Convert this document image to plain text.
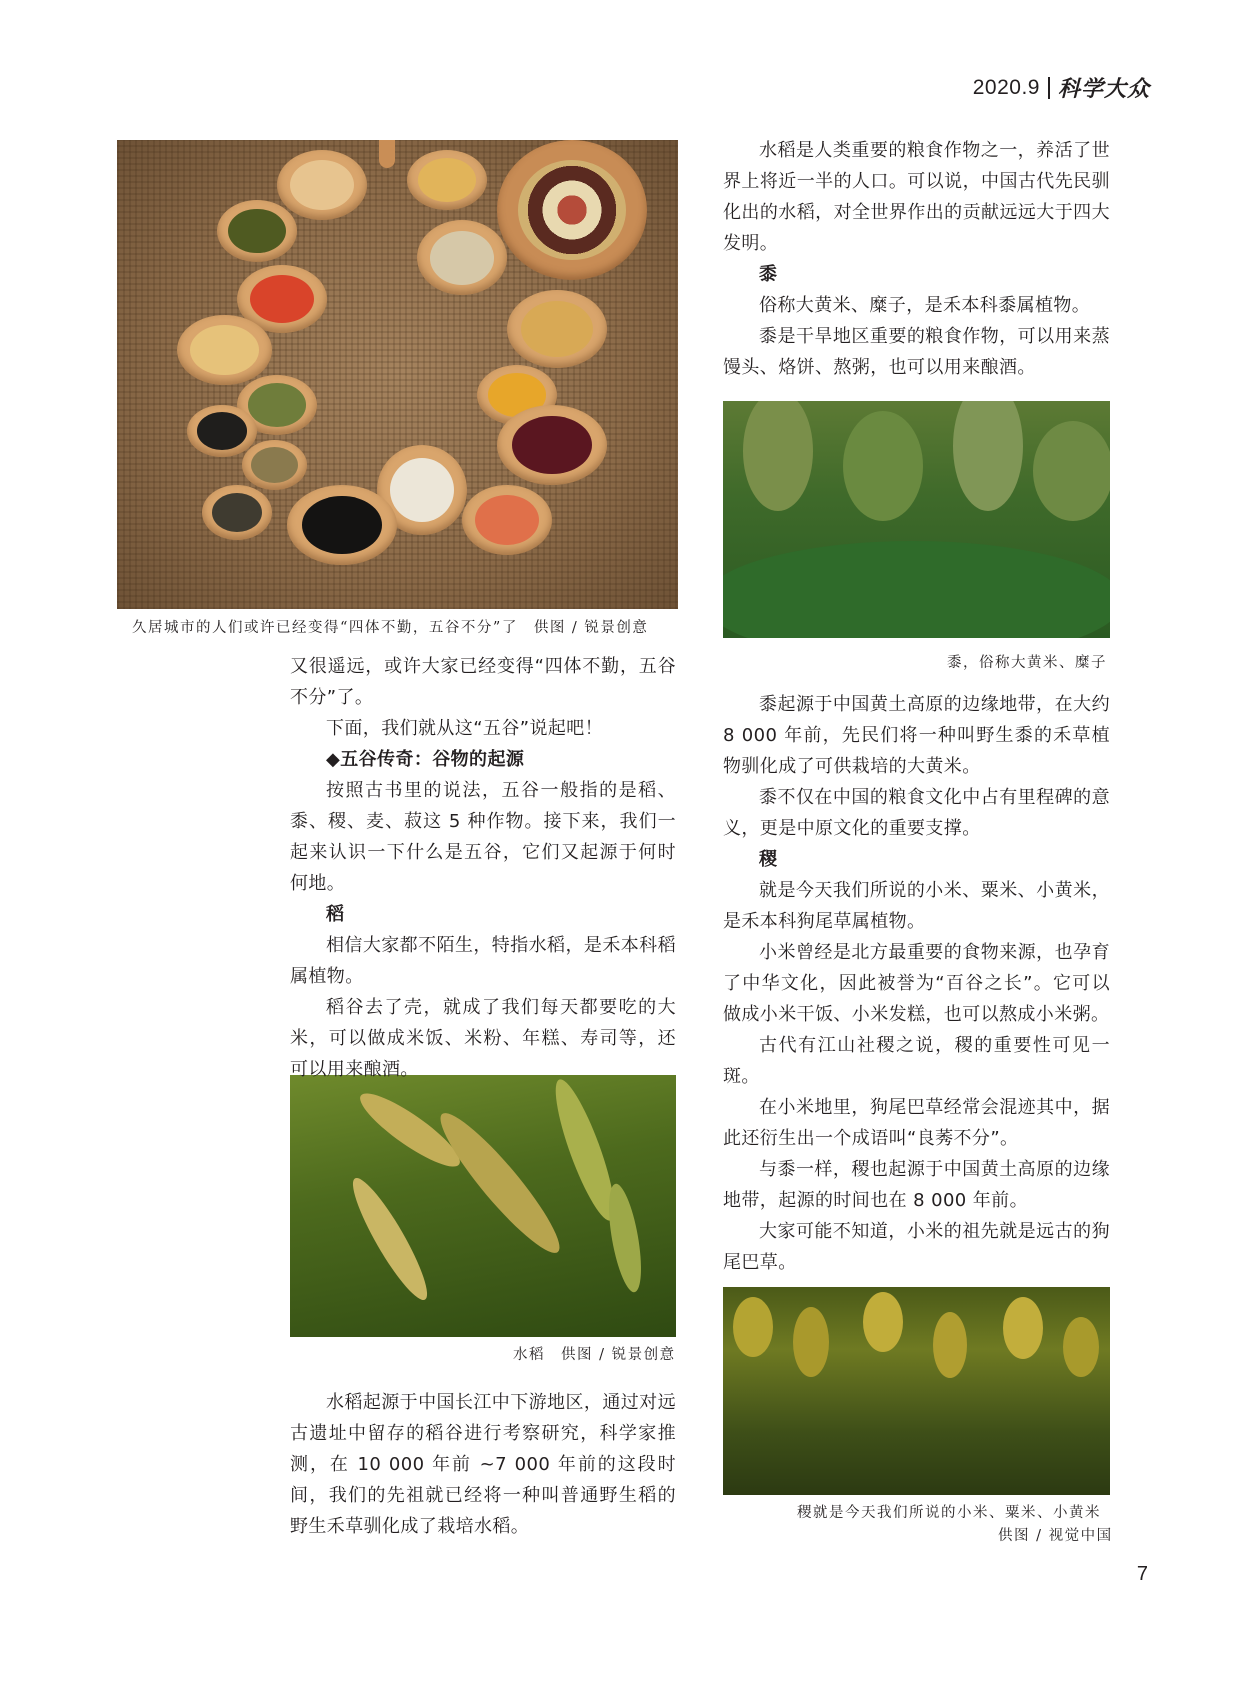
2020.9 科学大众
久居城市的人们或许已经变得“四体不勤，五谷不分”了　供图 / 锐景创意
水稻　供图 / 锐景创意
黍，俗称大黄米、糜子
稷就是今天我们所说的小米、粟米、小黄米
供图 / 视觉中国

又很遥远，或许大家已经变得“四体不勤，五谷不分”了。

下面，我们就从这“五谷”说起吧！

◆五谷传奇：谷物的起源

按照古书里的说法，五谷一般指的是稻、黍、稷、麦、菽这 5 种作物。接下来，我们一起来认识一下什么是五谷，它们又起源于何时何地。

稻

相信大家都不陌生，特指水稻，是禾本科稻属植物。

稻谷去了壳，就成了我们每天都要吃的大米，可以做成米饭、米粉、年糕、寿司等，还可以用来酿酒。

水稻起源于中国长江中下游地区，通过对远古遗址中留存的稻谷进行考察研究，科学家推测，在 10 000 年前 ~7 000 年前的这段时间，我们的先祖就已经将一种叫普通野生稻的野生禾草驯化成了栽培水稻。

水稻是人类重要的粮食作物之一，养活了世界上将近一半的人口。可以说，中国古代先民驯化出的水稻，对全世界作出的贡献远远大于四大发明。

黍

俗称大黄米、糜子，是禾本科黍属植物。

黍是干旱地区重要的粮食作物，可以用来蒸馒头、烙饼、熬粥，也可以用来酿酒。

黍起源于中国黄土高原的边缘地带，在大约 8 000 年前，先民们将一种叫野生黍的禾草植物驯化成了可供栽培的大黄米。

黍不仅在中国的粮食文化中占有里程碑的意义，更是中原文化的重要支撑。

稷

就是今天我们所说的小米、粟米、小黄米，是禾本科狗尾草属植物。

小米曾经是北方最重要的食物来源，也孕育了中华文化，因此被誉为“百谷之长”。它可以做成小米干饭、小米发糕，也可以熬成小米粥。

古代有江山社稷之说，稷的重要性可见一斑。

在小米地里，狗尾巴草经常会混迹其中，据此还衍生出一个成语叫“良莠不分”。

与黍一样，稷也起源于中国黄土高原的边缘地带，起源的时间也在 8 000 年前。

大家可能不知道，小米的祖先就是远古的狗尾巴草。

7
